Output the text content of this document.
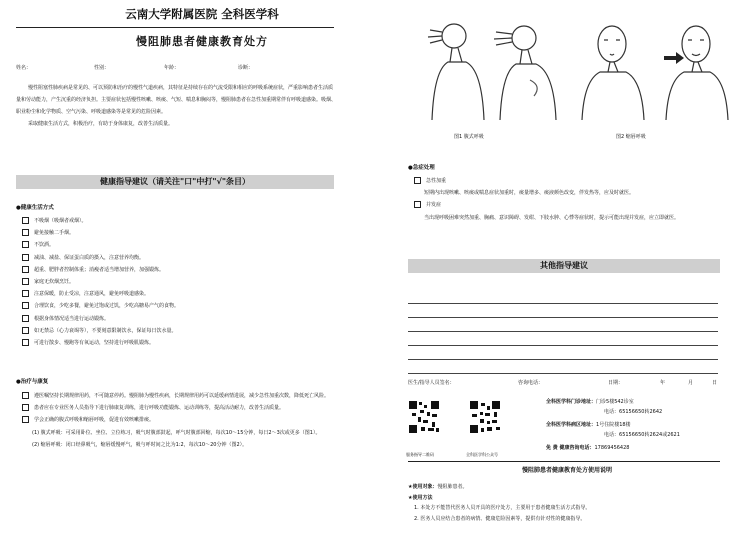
云南大学附属医院 全科医学科
慢阻肺患者健康教育处方
姓名：	性别：	年龄：	诊断：

慢性阻塞性肺疾病是常见的、可以预防和治疗的慢性气道疾病，其特征是持续存在的气流受限和相应的呼吸系统症状，严重影响患者生活质量和劳动能力，产生沉重的经济负担。主要症状包括慢性咳嗽、咳痰、气短、喘息和胸闷等，慢阻肺患者在急性加重期常伴有呼吸道感染。吸烟、职业粉尘和化学物质、空气污染、呼吸道感染等是常见的危险因素。

采取健康生活方式，积极治疗，有助于身体康复，改善生活质量。

健康指导建议（请关注"口"中打"√"条目）
●健康生活方式
不吸烟（吸烟者戒烟）。
避免接触二手烟。
不饮酒。
减油、减盐、保证蛋白质的摄入，注意营养均衡。
超重、肥胖者控制体重；消瘦者适当增加营养，加强锻炼。
家庭无炊烟烹饪。
注意保暖，防止受凉，注意通风，避免呼吸道感染。
合理饮食，少吃多餐，避免过饱或过饥，少吃高糖易产气的食物。
根据身体情况适当进行运动锻炼。
如无禁忌（心力衰竭等），不要刻意限制饮水，保证每日饮水量。
可进行散步、慢跑等有氧运动，坚持进行呼吸肌锻炼。
●治疗与康复
遵医嘱坚持长期规律用药，不可随意停药。慢阻肺为慢性疾病，长期规律用药可以延缓病情进展，减少急性加重次数，降低死亡风险。
患者应在专业医务人员指导下进行肺康复训练，进行呼吸功能锻炼、运动训练等，提高活动耐力，改善生活质量。
学会正确的腹式呼吸和缩唇呼吸，促进有效咳嗽排痰。
(1) 腹式呼吸：可采用卧位、坐位、立位练习，吸气时腹部鼓起，呼气时腹部回缩，每次10～15分钟，每日2～3次或更多（图1）。
(2) 缩唇呼吸：闭口经鼻吸气，缩唇缓慢呼气，吸与呼时间之比为1:2，每次10～20分钟（图2）。
图1 腹式呼吸	图2 缩唇呼吸
●急症处理

急性加重

短期内出现咳嗽、咳痰或喘息症状加重时，痰量增多、痰液颜色改变，伴发热等，应及时就医。

并发症

当出现呼吸困难突然加重、胸痛、意识障碍、发绀、下肢水肿、心悸等症状时，提示可能出现并发症，应立即就医。

其他指导建议
医生/指导人员签名：	咨询电话：	日期：	年	月	日
服务指导二维码	全科医学科公众号
全科医学科门诊地址：门诊5楼542诊室
电话：65156650转2642
全科医学科病区地址：1号住院楼18楼
电话：65156650转2624或2621
免 费 健康咨询电话：17869456428
慢阻肺患者健康教育处方使用说明

★使用对象：慢阻肺患者。

★使用方法

1. 本处方不能替代医务人员开具的医疗处方，主要用于患者健康生活方式指导。

2. 医务人员应结合患者的病情、健康危险因素等，提供有针对性的健康指导。
